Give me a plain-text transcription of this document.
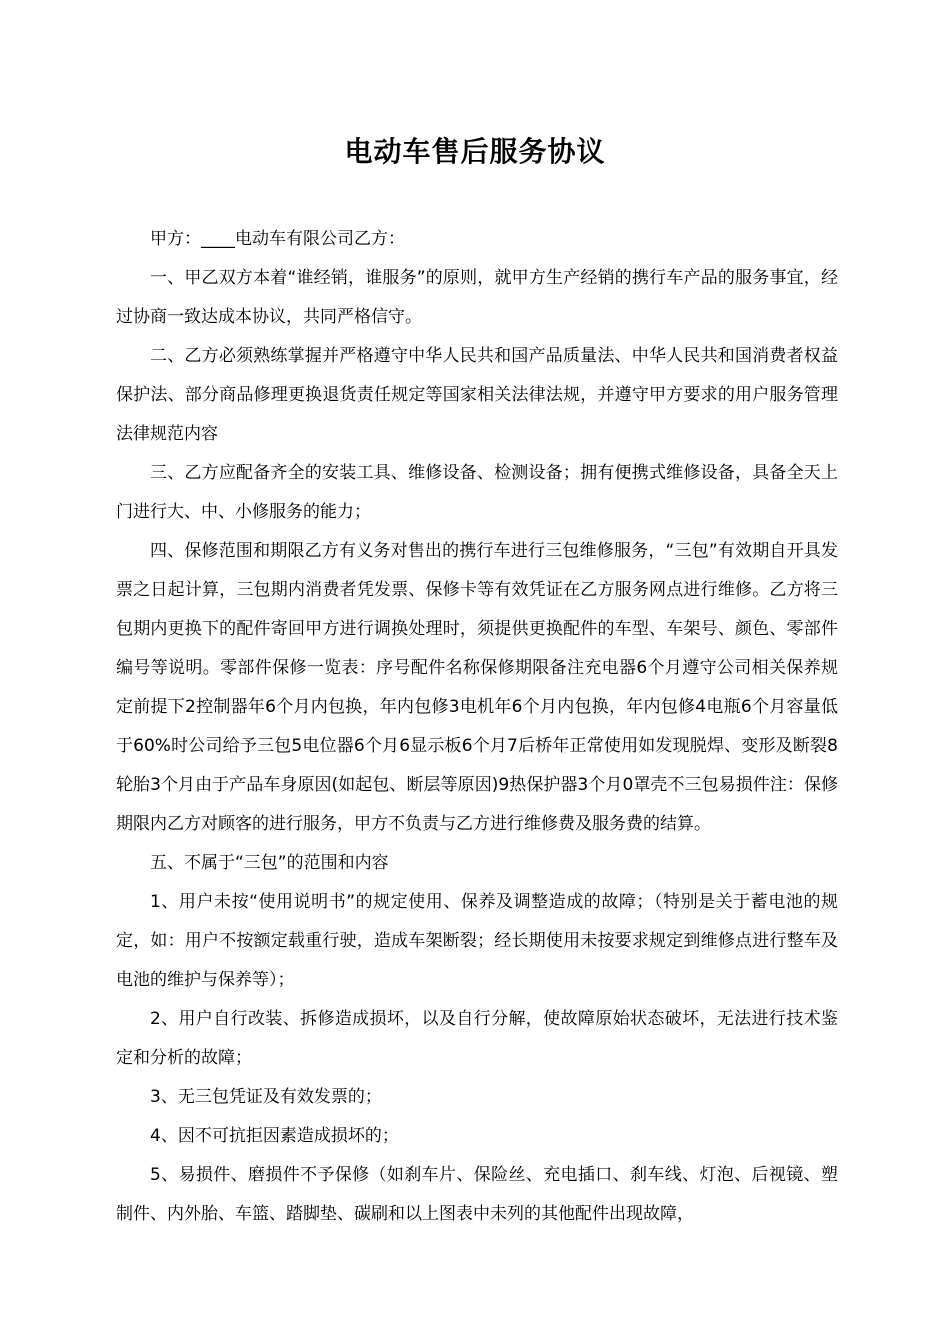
电动车售后服务协议

甲方：____电动车有限公司乙方：

一、甲乙双方本着“谁经销，谁服务”的原则，就甲方生产经销的携行车产品的服务事宜，经过协商一致达成本协议，共同严格信守。

二、乙方必须熟练掌握并严格遵守中华人民共和国产品质量法、中华人民共和国消费者权益保护法、部分商品修理更换退货责任规定等国家相关法律法规，并遵守甲方要求的用户服务管理法律规范内容

三、乙方应配备齐全的安装工具、维修设备、检测设备；拥有便携式维修设备，具备全天上门进行大、中、小修服务的能力；

四、保修范围和期限乙方有义务对售出的携行车进行三包维修服务，“三包”有效期自开具发票之日起计算，三包期内消费者凭发票、保修卡等有效凭证在乙方服务网点进行维修。乙方将三包期内更换下的配件寄回甲方进行调换处理时，须提供更换配件的车型、车架号、颜色、零部件编号等说明。零部件保修一览表：序号配件名称保修期限备注充电器6个月遵守公司相关保养规定前提下2控制器年6个月内包换，年内包修3电机年6个月内包换，年内包修4电瓶6个月容量低于60%时公司给予三包5电位器6个月6显示板6个月7后桥年正常使用如发现脱焊、变形及断裂8轮胎3个月由于产品车身原因(如起包、断层等原因)9热保护器3个月0罩壳不三包易损件注：保修期限内乙方对顾客的进行服务，甲方不负责与乙方进行维修费及服务费的结算。

五、不属于“三包”的范围和内容

1、用户未按“使用说明书”的规定使用、保养及调整造成的故障；（特别是关于蓄电池的规定，如：用户不按额定载重行驶，造成车架断裂；经长期使用未按要求规定到维修点进行整车及电池的维护与保养等）；

2、用户自行改装、拆修造成损坏，以及自行分解，使故障原始状态破坏，无法进行技术鉴定和分析的故障；

3、无三包凭证及有效发票的；

4、因不可抗拒因素造成损坏的；

5、易损件、磨损件不予保修（如刹车片、保险丝、充电插口、刹车线、灯泡、后视镜、塑制件、内外胎、车篮、踏脚垫、碳刷和以上图表中未列的其他配件出现故障，
